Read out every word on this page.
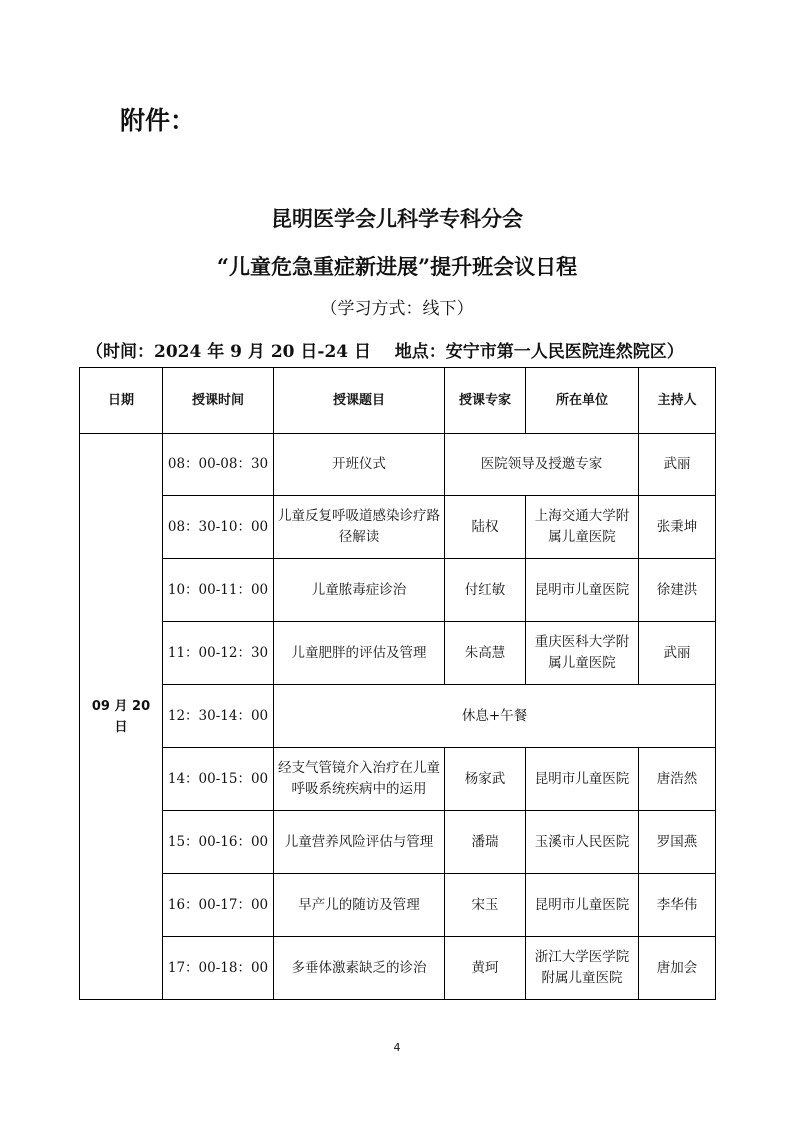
附件：
昆明医学会儿科学专科分会
“儿童危急重症新进展”提升班会议日程
（学习方式：线下）
（时间：2024 年 9 月 20 日-24 日    地点：安宁市第一人民医院连然院区）
日期	授课时间	授课题目	授课专家	所在单位	主持人
09 月 20 日	08：00-08：30	开班仪式	医院领导及授邀专家		武丽
	08：30-10：00	儿童反复呼吸道感染诊疗路径解读	陆权	上海交通大学附属儿童医院	张秉坤
	10：00-11：00	儿童脓毒症诊治	付红敏	昆明市儿童医院	徐建洪
	11：00-12：30	儿童肥胖的评估及管理	朱高慧	重庆医科大学附属儿童医院	武丽
	12：30-14：00	休息+午餐			
	14：00-15：00	经支气管镜介入治疗在儿童呼吸系统疾病中的运用	杨家武	昆明市儿童医院	唐浩然
	15：00-16：00	儿童营养风险评估与管理	潘瑞	玉溪市人民医院	罗国燕
	16：00-17：00	早产儿的随访及管理	宋玉	昆明市儿童医院	李华伟
	17：00-18：00	多垂体激素缺乏的诊治	黄珂	浙江大学医学院附属儿童医院	唐加会
4
